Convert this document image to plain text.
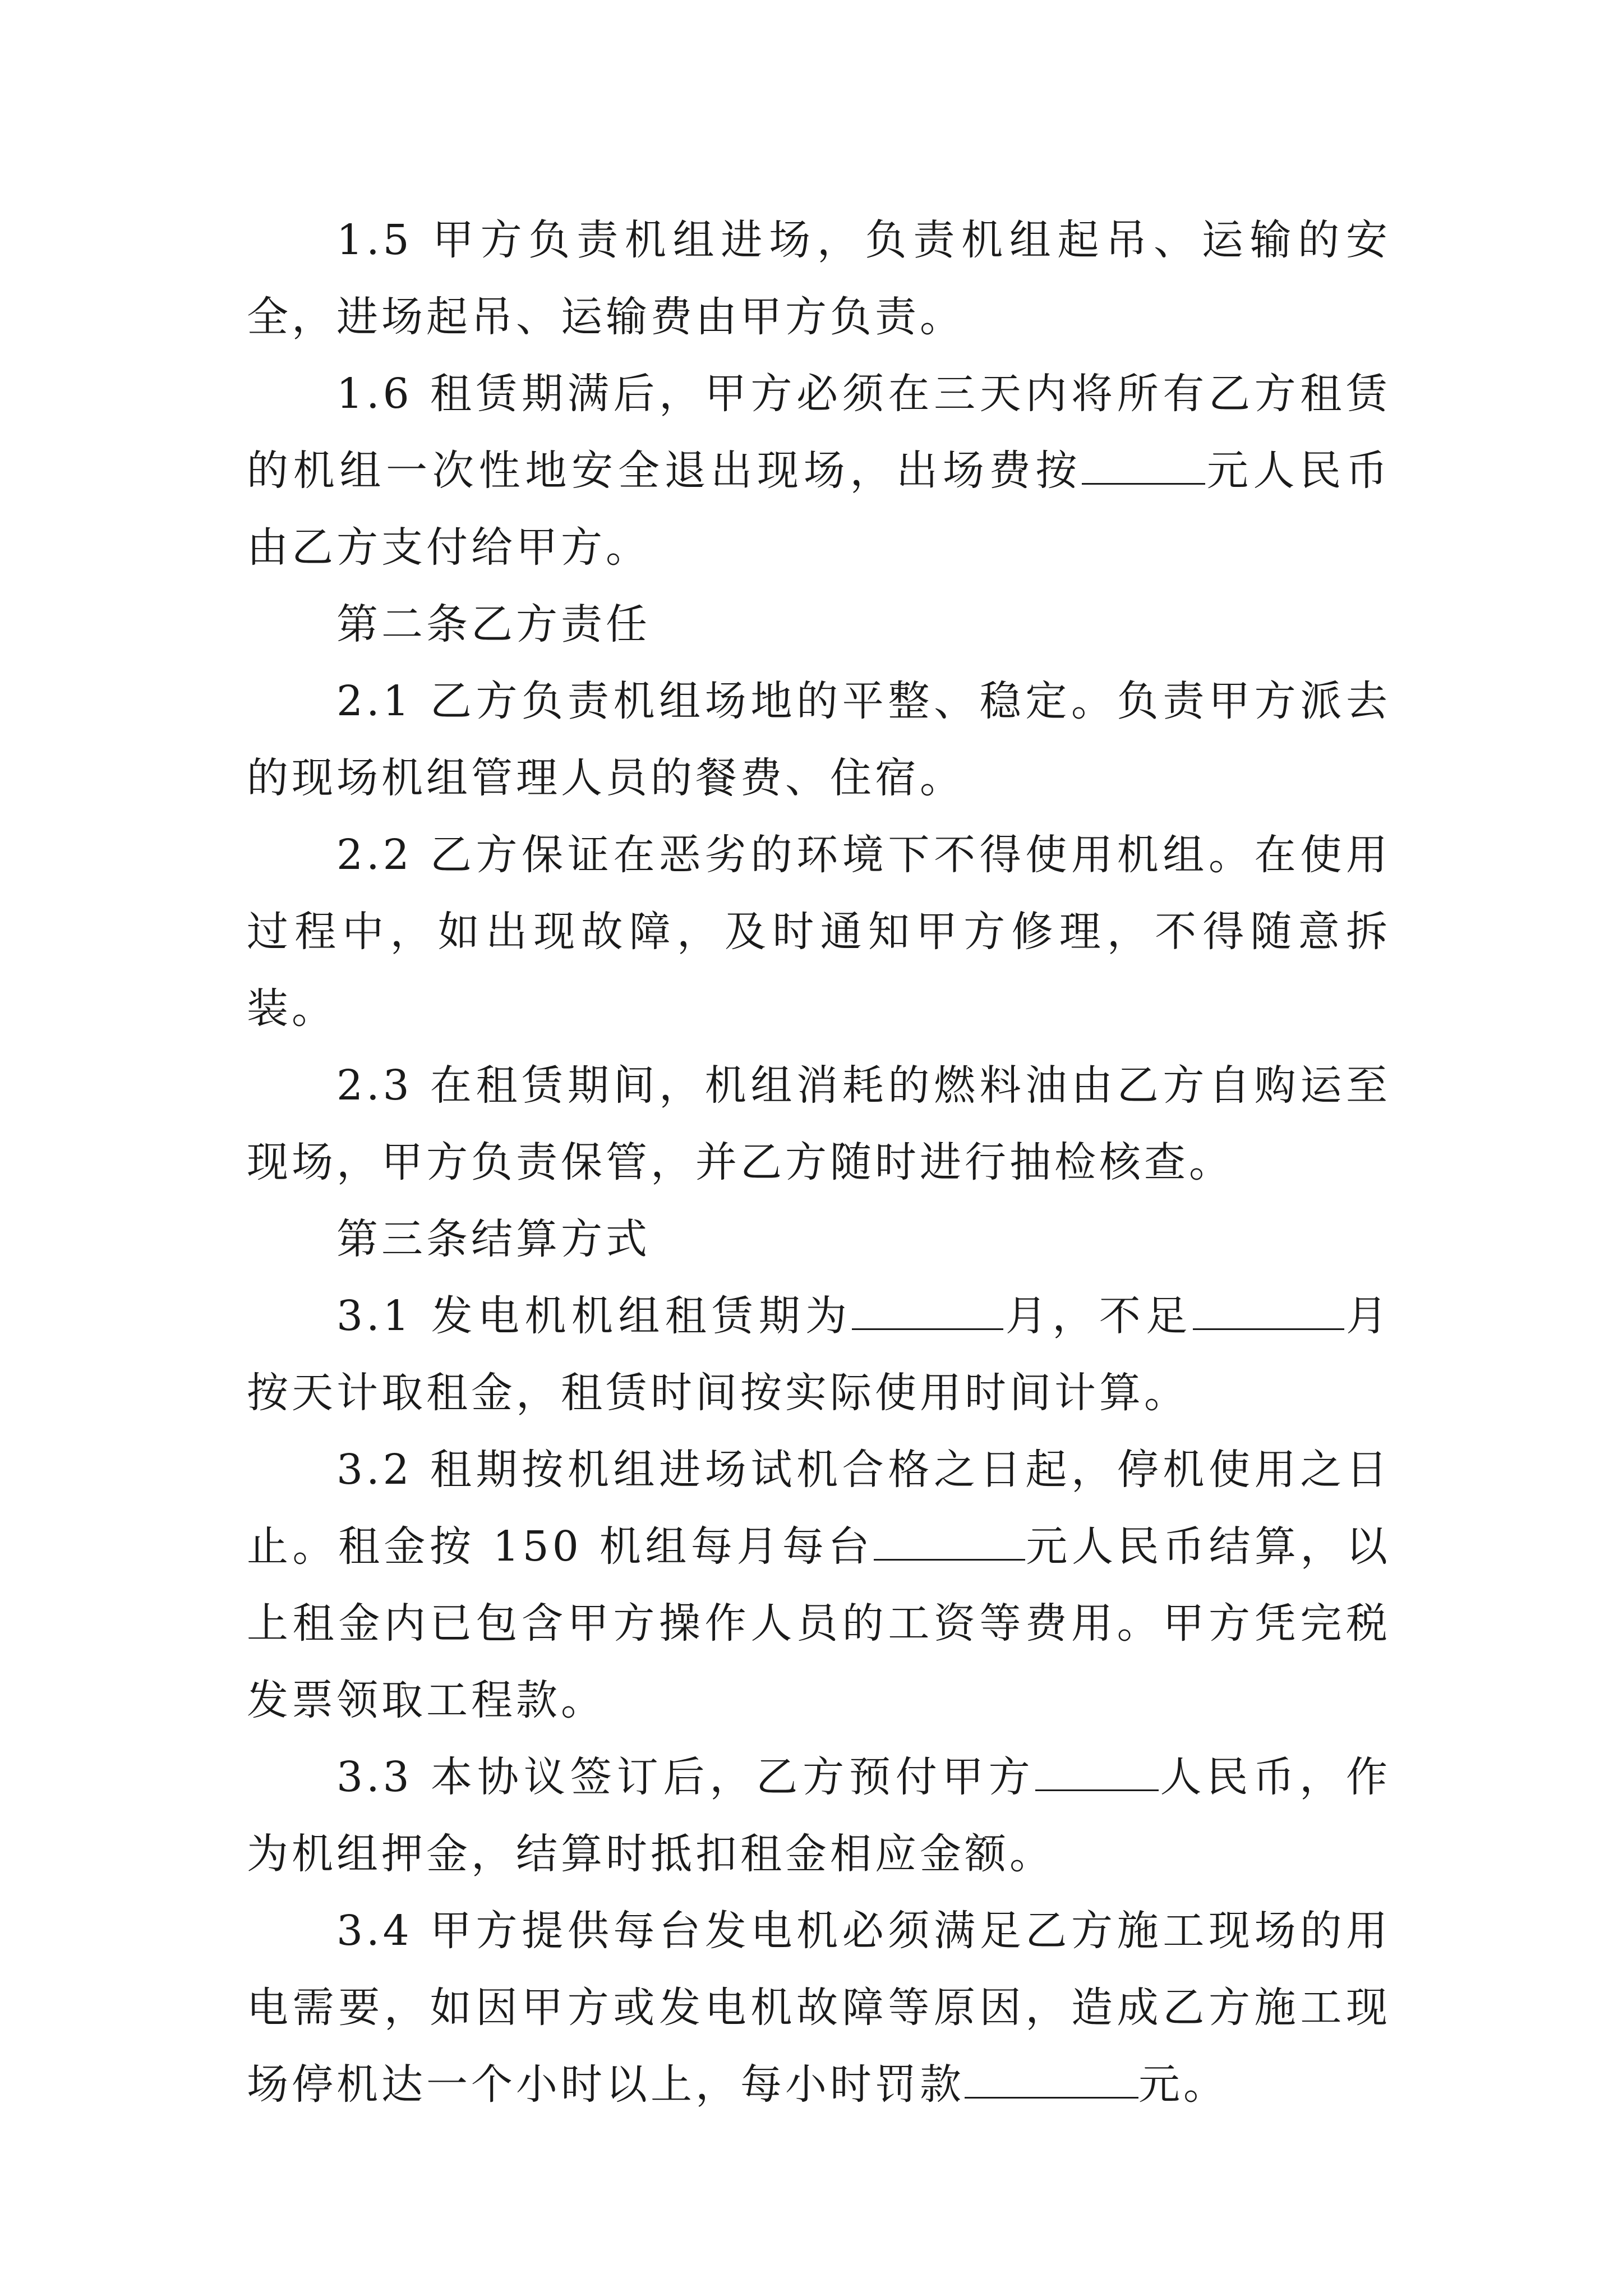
1.5 甲方负责机组进场，负责机组起吊、运输的安全，进场起吊、运输费由甲方负责。

1.6 租赁期满后，甲方必须在三天内将所有乙方租赁的机组一次性地安全退出现场，出场费按	元人民币由乙方支付给甲方。

第二条乙方责任

2.1 乙方负责机组场地的平整、稳定。负责甲方派去的现场机组管理人员的餐费、住宿。

2.2 乙方保证在恶劣的环境下不得使用机组。在使用过程中，如出现故障，及时通知甲方修理，不得随意拆装。

2.3 在租赁期间，机组消耗的燃料油由乙方自购运至现场，甲方负责保管，并乙方随时进行抽检核查。

第三条结算方式

3.1 发电机机组租赁期为	月，不足	月按天计取租金，租赁时间按实际使用时间计算。

3.2 租期按机组进场试机合格之日起，停机使用之日止。租金按 150 机组每月每台	元人民币结算，以上租金内已包含甲方操作人员的工资等费用。甲方凭完税发票领取工程款。

3.3 本协议签订后，乙方预付甲方	人民币，作为机组押金，结算时抵扣租金相应金额。

3.4 甲方提供每台发电机必须满足乙方施工现场的用电需要，如因甲方或发电机故障等原因，造成乙方施工现场停机达一个小时以上，每小时罚款	元。
